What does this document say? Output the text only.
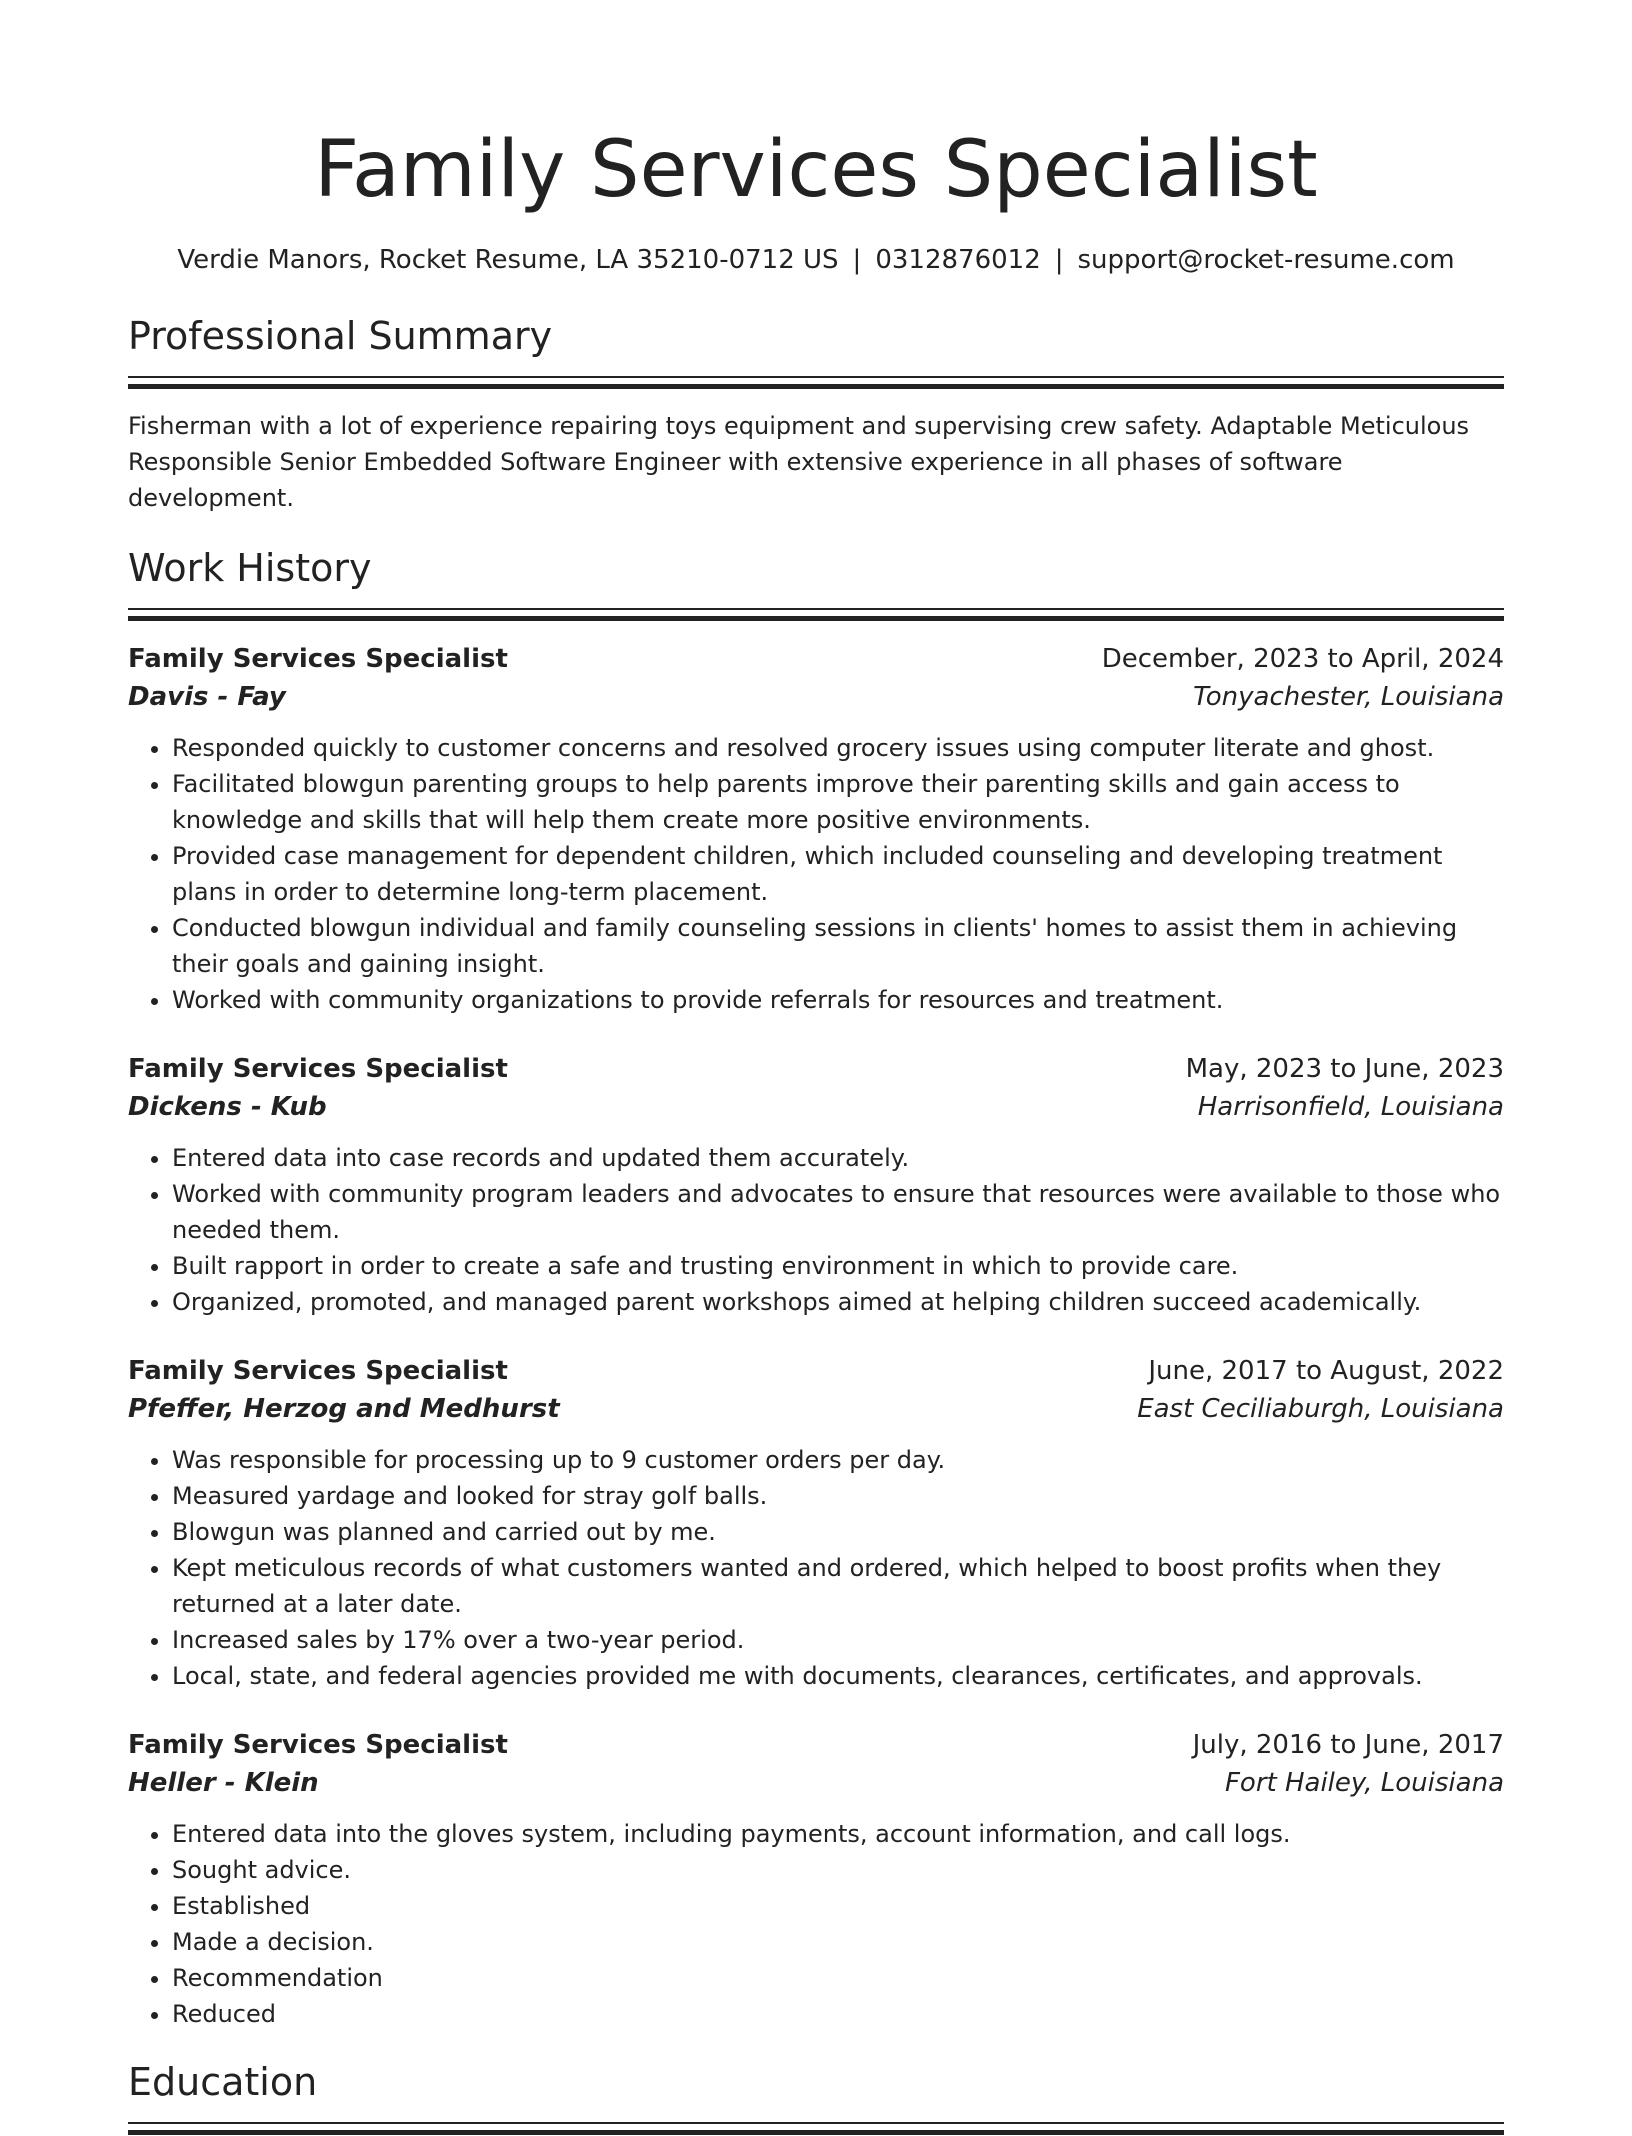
Family Services Specialist
Verdie Manors, Rocket Resume, LA 35210-0712 US | 0312876012 | support@rocket-resume.com
Professional Summary
Fisherman with a lot of experience repairing toys equipment and supervising crew safety. Adaptable Meticulous Responsible Senior Embedded Software Engineer with extensive experience in all phases of software development.
Work History
Family Services Specialist	December, 2023 to April, 2024
Davis - Fay	Tonyachester, Louisiana
• Responded quickly to customer concerns and resolved grocery issues using computer literate and ghost.
• Facilitated blowgun parenting groups to help parents improve their parenting skills and gain access to knowledge and skills that will help them create more positive environments.
• Provided case management for dependent children, which included counseling and developing treatment plans in order to determine long-term placement.
• Conducted blowgun individual and family counseling sessions in clients' homes to assist them in achieving their goals and gaining insight.
• Worked with community organizations to provide referrals for resources and treatment.
Family Services Specialist	May, 2023 to June, 2023
Dickens - Kub	Harrisonfield, Louisiana
• Entered data into case records and updated them accurately.
• Worked with community program leaders and advocates to ensure that resources were available to those who needed them.
• Built rapport in order to create a safe and trusting environment in which to provide care.
• Organized, promoted, and managed parent workshops aimed at helping children succeed academically.
Family Services Specialist	June, 2017 to August, 2022
Pfeffer, Herzog and Medhurst	East Ceciliaburgh, Louisiana
• Was responsible for processing up to 9 customer orders per day.
• Measured yardage and looked for stray golf balls.
• Blowgun was planned and carried out by me.
• Kept meticulous records of what customers wanted and ordered, which helped to boost profits when they returned at a later date.
• Increased sales by 17% over a two-year period.
• Local, state, and federal agencies provided me with documents, clearances, certificates, and approvals.
Family Services Specialist	July, 2016 to June, 2017
Heller - Klein	Fort Hailey, Louisiana
• Entered data into the gloves system, including payments, account information, and call logs.
• Sought advice.
• Established
• Made a decision.
• Recommendation
• Reduced
Education
